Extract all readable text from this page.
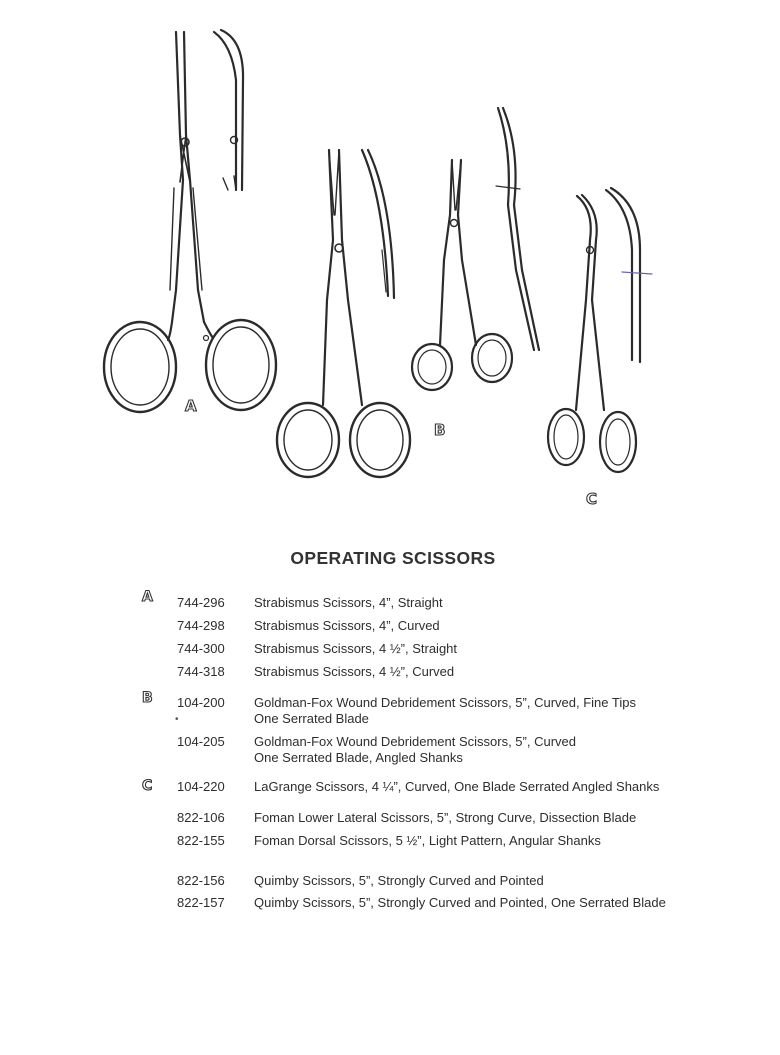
A
B
C
OPERATING SCISSORS
A 744-296 Strabismus Scissors, 4”, Straight
744-298 Strabismus Scissors, 4”, Curved
744-300 Strabismus Scissors, 4 ½”, Straight
744-318 Strabismus Scissors, 4 ½”, Curved
B 104-200 Goldman-Fox Wound Debridement Scissors, 5”, Curved, Fine Tips
•	One Serrated Blade
104-205 Goldman-Fox Wound Debridement Scissors, 5”, Curved
One Serrated Blade, Angled Shanks
C 104-220 LaGrange Scissors, 4 ¼”, Curved, One Blade Serrated Angled Shanks
822-106 Foman Lower Lateral Scissors, 5”, Strong Curve, Dissection Blade
822-155 Foman Dorsal Scissors, 5 ½”, Light Pattern, Angular Shanks
822-156 Quimby Scissors, 5”, Strongly Curved and Pointed
822-157 Quimby Scissors, 5”, Strongly Curved and Pointed, One Serrated Blade
